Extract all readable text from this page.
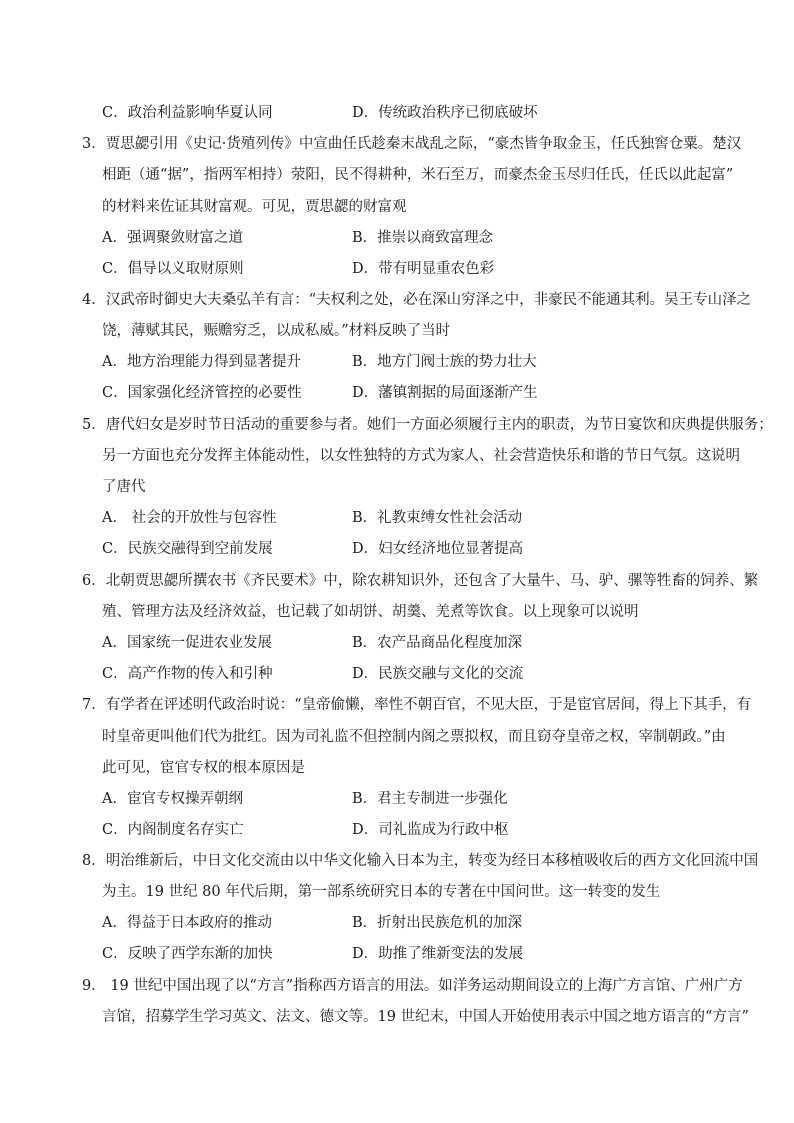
C．政治利益影响华夏认同	D．传统政治秩序已彻底破坏
3．贾思勰引用《史记·货殖列传》中宣曲任氏趁秦末战乱之际，“豪杰皆争取金玉，任氏独窖仓粟。楚汉
相距（通“据”，指两军相持）荥阳，民不得耕种，米石至万，而豪杰金玉尽归任氏，任氏以此起富”
的材料来佐证其财富观。可见，贾思勰的财富观
A．强调聚敛财富之道	B．推崇以商致富理念
C．倡导以义取财原则	D．带有明显重农色彩
4．汉武帝时御史大夫桑弘羊有言：“夫权利之处，必在深山穷泽之中，非豪民不能通其利。吴王专山泽之
饶，薄赋其民，赈赡穷乏，以成私威。”材料反映了当时
A．地方治理能力得到显著提升	B．地方门阀士族的势力壮大
C．国家强化经济管控的必要性	D．藩镇割据的局面逐渐产生
5．唐代妇女是岁时节日活动的重要参与者。她们一方面必须履行主内的职责，为节日宴饮和庆典提供服务；
另一方面也充分发挥主体能动性，以女性独特的方式为家人、社会营造快乐和谐的节日气氛。这说明
了唐代
A． 社会的开放性与包容性	B．礼教束缚女性社会活动
C．民族交融得到空前发展	D．妇女经济地位显著提高
6．北朝贾思勰所撰农书《齐民要术》中，除农耕知识外，还包含了大量牛、马、驴、骡等牲畜的饲养、繁
殖、管理方法及经济效益，也记载了如胡饼、胡羹、羌煮等饮食。以上现象可以说明
A．国家统一促进农业发展	B．农产品商品化程度加深
C．高产作物的传入和引种	D．民族交融与文化的交流
7．有学者在评述明代政治时说：“皇帝偷懒，率性不朝百官，不见大臣，于是宦官居间，得上下其手，有
时皇帝更叫他们代为批红。因为司礼监不但控制内阁之票拟权，而且窃夺皇帝之权，宰制朝政。”由
此可见，宦官专权的根本原因是
A．宦官专权操弄朝纲	B．君主专制进一步强化
C．内阁制度名存实亡	D．司礼监成为行政中枢
8．明治维新后，中日文化交流由以中华文化输入日本为主，转变为经日本移植吸收后的西方文化回流中国
为主。19 世纪 80 年代后期，第一部系统研究日本的专著在中国问世。这一转变的发生
A．得益于日本政府的推动	B．折射出民族危机的加深
C．反映了西学东渐的加快	D．助推了维新变法的发展
9． 19 世纪中国出现了以“方言”指称西方语言的用法。如洋务运动期间设立的上海广方言馆、广州广方
言馆，招募学生学习英文、法文、德文等。19 世纪末，中国人开始使用表示中国之地方语言的“方言”
